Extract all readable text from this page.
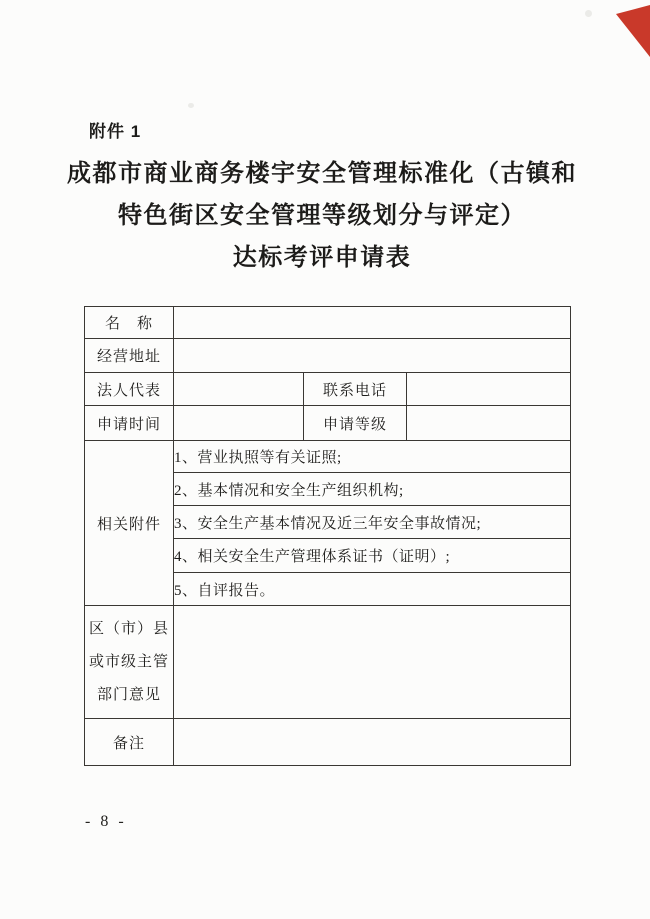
附件 1
成都市商业商务楼宇安全管理标准化（古镇和
特色街区安全管理等级划分与评定）
达标考评申请表
名　称			
经营地址			
法人代表		联系电话	
申请时间		申请等级	
相关附件	1、营业执照等有关证照;		
	2、基本情况和安全生产组织机构;		
	3、安全生产基本情况及近三年安全事故情况;		
	4、相关安全生产管理体系证书（证明）;		
	5、自评报告。		

区（市）县
或市级主管
部门意见			

备注			
- 8 -
